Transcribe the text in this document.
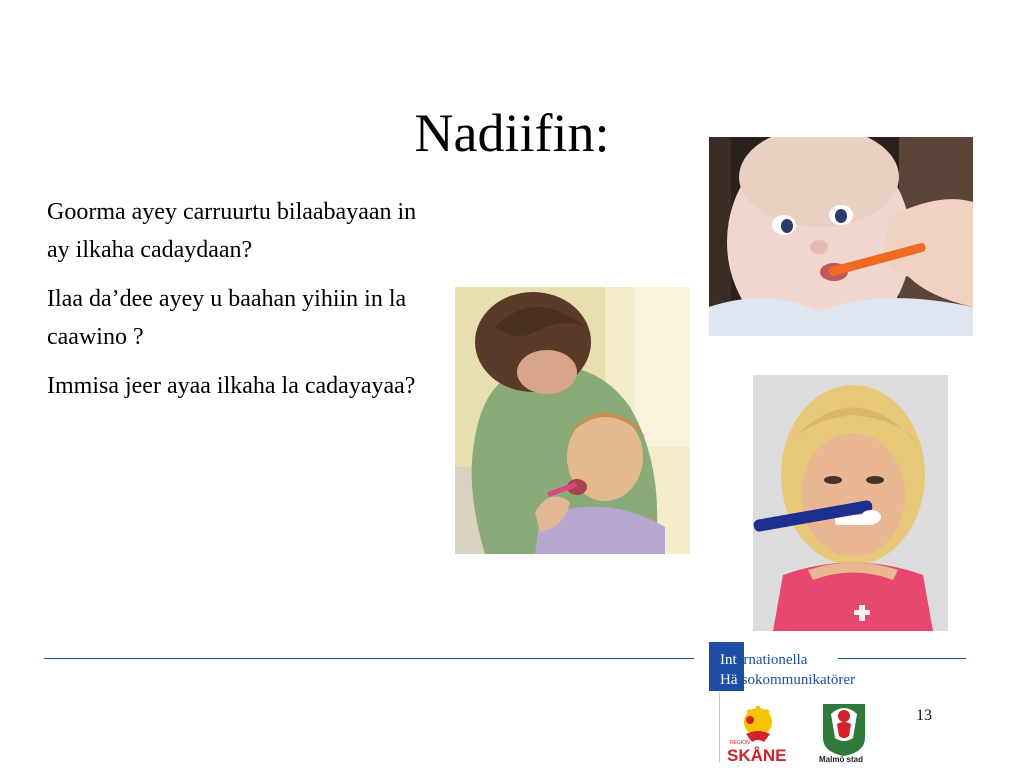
Nadiifin:

Goorma ayey carruurtu bilaabayaan in ay ilkaha cadaydaan?

Ilaa da’dee ayey u baahan yihiin in la caawino ?

Immisa jeer ayaa ilkaha la cadayayaa?

Internationella
Hälsokommunikatörer
REGION
SKÅNE	Malmö stad
13
